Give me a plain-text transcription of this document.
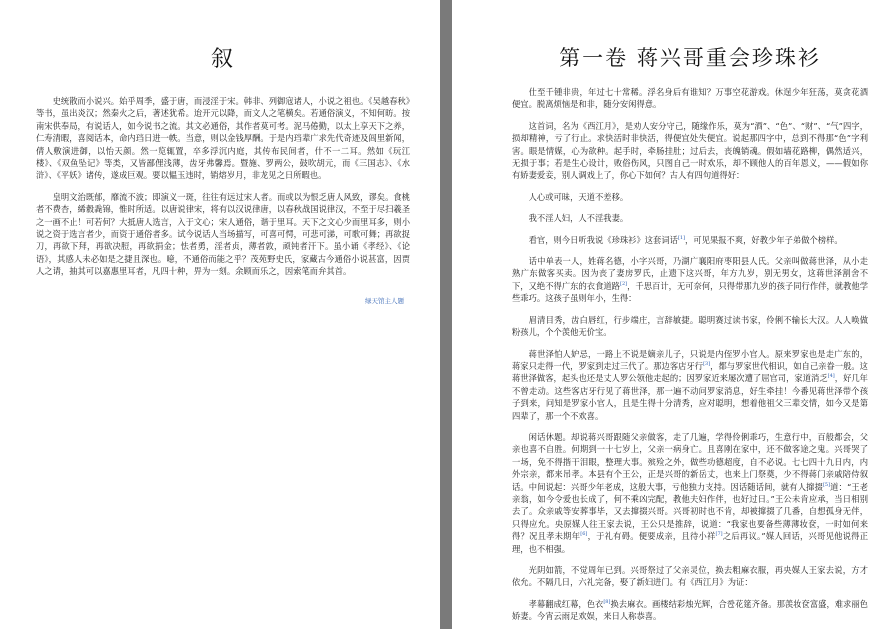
叙

史统散而小说兴。始乎周季，盛于唐，而浸淫于宋。韩非、列御寇诸人，小说之祖也。《吴越春秋》等书，虽出炎汉；然秦火之后，著述犹希。迨开元以降，而文人之笔横矣。若通俗演义，不知何昉。按南宋供奉局，有说话人，如今说书之流。其文必通俗，其作者莫可考。泥马倦勤，以太上享天下之养，仁寿清暇，喜阅话本，命内珰日进一帙。当意，则以金钱厚酬。于是内珰辈广求先代奇迹及闾里新闻，倩人敷演进御，以怡天颜。然一览辄置，卒多浮沉内庭，其传布民间者，什不一二耳。然如《玩江楼》、《双鱼坠记》等类，又皆鄙俚浅薄，齿牙弗馨焉。暨施、罗两公，鼓吹胡元，而《三国志》、《水浒》、《平妖》诸传，遂成巨观。要以韫玉违时，销熔岁月，非龙见之日所暇也。

皇明文治既郁，靡流不波；即演义一斑，往往有远过宋人者。而或以为恨乏唐人风致，谬矣。食桃者不费杏，絺縠毳锦，惟时所适。以唐说律宋，将有以汉说律唐，以春秋战国说律汉，不至于尽扫羲圣之一画不止！可若何？大抵唐人选言，入于文心；宋人通俗，谐于里耳。天下之文心少而里耳多，则小说之资于选言者少，而资于通俗者多。试今说话人当场描写，可喜可愕，可悲可涕，可歌可舞；再欲捉刀，再欲下拜，再欲决脰，再欲捐金；怯者勇，淫者贞，薄者敦，顽钝者汗下。虽小诵《孝经》、《论语》，其感人未必如是之捷且深也。噫，不通俗而能之乎？茂苑野史氏，家藏古今通俗小说甚富，因贾人之请，抽其可以嘉惠里耳者，凡四十种，畀为一刻。余顾而乐之，因索笔而弁其首。

绿天馆主人题
第一卷 蒋兴哥重会珍珠衫

仕至千锺非贵，年过七十常稀。浮名身后有谁知？万事空花游戏。休逞少年狂荡，莫贪花酒便宜。脱离烦恼是和非，随分安闲得意。

这首词，名为《西江月》，是劝人安分守己，随缘作乐，莫为“酒”、“色”、“财”、“气”四字，损却精神，亏了行止。求快活时非快活，得便宜处失便宜。说起那四字中，总到不得那“色”字利害。眼是情媒，心为欲种。起手时，牵肠挂肚；过后去，丧魄销魂。假如墙花路柳，偶然适兴，无损于事；若是生心设计，败俗伤风，只图自己一时欢乐，却不顾他人的百年恩义，——假如你有娇妻爱妾，别人调戏上了，你心下如何？古人有四句道得好：

人心或可昧，天道不差移。

我不淫人妇，人不淫我妻。

看官，则今日听我说《珍珠衫》这套词话[1]，可见果报不爽，好教少年子弟做个榜样。

话中单表一人，姓蒋名德，小字兴哥，乃湖广襄阳府枣阳县人氏。父亲叫做蒋世泽，从小走熟广东做客买卖。因为丧了妻房罗氏，止遗下这兴哥，年方九岁，别无男女，这蒋世泽割舍不下，又绝不得广东的衣食道路[2]，千思百计，无可奈何，只得带那九岁的孩子同行作伴，就教他学些乖巧。这孩子虽则年小，生得：

眉清目秀，齿白唇红，行步端庄，言辞敏捷。聪明赛过读书家，伶俐不输长大汉。人人唤做粉孩儿，个个羡他无价宝。

蒋世泽怕人妒忌，一路上不说是嫡亲儿子，只说是内侄罗小官人。原来罗家也是走广东的，蒋家只走得一代，罗家到走过三代了。那边客店牙行[3]，都与罗家世代相识，如自己亲眷一般。这蒋世泽做客，起头也还是丈人罗公领他走起的；因罗家近来屡次遭了屈官司，家道消乏[4]，好几年不曾走动。这些客店牙行见了蒋世泽，那一遍不动问罗家消息，好生牵挂！今番见蒋世泽带个孩子到来，问知是罗家小官人，且是生得十分清秀，应对聪明，想着他祖父三辈交情，如今又是第四辈了，那一个不欢喜。

闲话休题。却说蒋兴哥跟随父亲做客，走了几遍，学得伶俐乖巧，生意行中，百般都会，父亲也喜不自胜。何期到一十七岁上，父亲一病身亡。且喜刚在家中，还不做客途之鬼。兴哥哭了一场，免不得揩干泪眼，整理大事。殡殓之外，做些功德超度，自不必说。七七四十九日内，内外宗亲，都来吊孝。本县有个王公，正是兴哥的新岳丈，也来上门祭奠，少不得蒋门亲戚陪侍叙话。中间说起：兴哥少年老成，这般大事，亏他独力支持。因话随话间，就有人撺掇[5]道：“王老亲翁，如今令爱也长成了，何不乘凶完配，教他夫妇作伴，也好过日。”王公未肯应承，当日相别去了。众亲戚等安葬事毕，又去撺掇兴哥。兴哥初时也不肯，却被撺掇了几番，自想孤身无伴，只得应允。央原媒人往王家去说，王公只是推辞，说道：“我家也要备些薄薄妆奁，一时如何来得？况且孝未期年[6]，于礼有碍。便要成亲，且待小祥[7]之后再议。”媒人回话，兴哥见他说得正理，也不相强。

光阴如箭，不觉周年已到。兴哥祭过了父亲灵位，换去粗麻衣服，再央媒人王家去说，方才依允。不隔几日，六礼完备，娶了新妇进门。有《西江月》为证：

孝幕翻成红幕，色衣[8]换去麻衣。画楼结彩烛光辉，合卺花筵齐备。那羡妆奁富盛，难求丽色娇妻。今宵云雨足欢娱，来日人称恭喜。
